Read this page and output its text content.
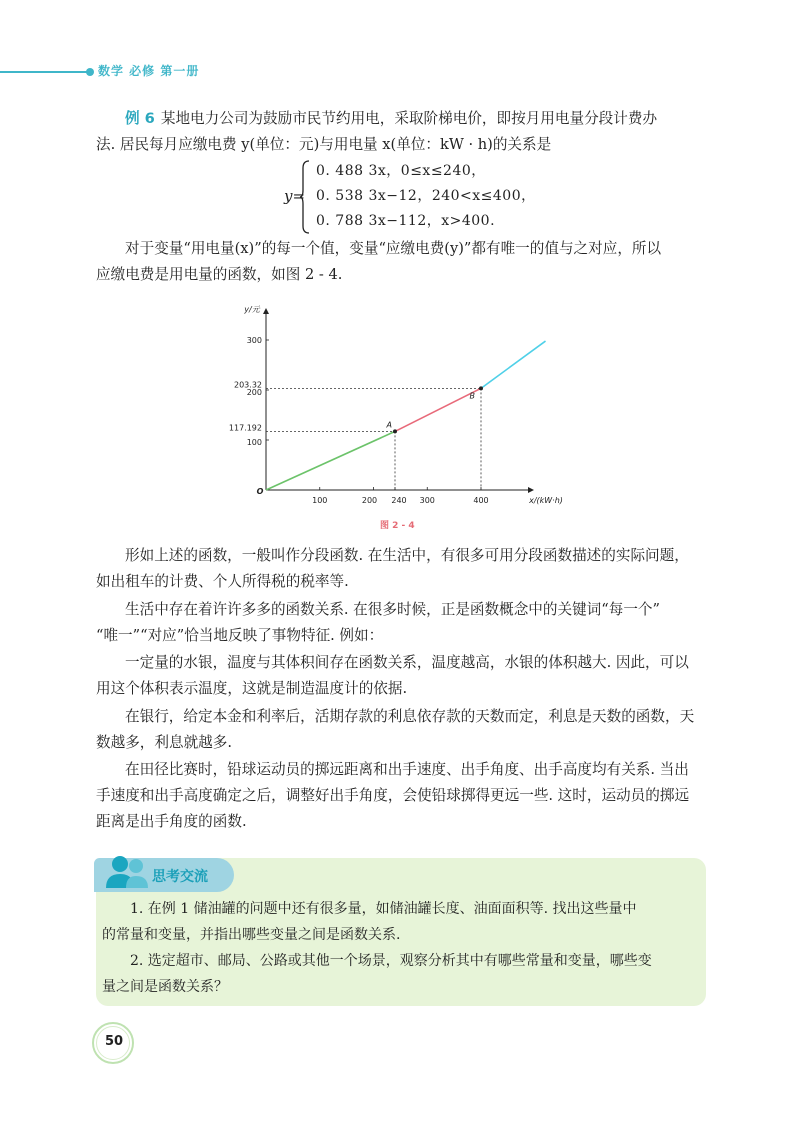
数学 必修 第一册
例 6 某地电力公司为鼓励市民节约用电，采取阶梯电价，即按月用电量分段计费办
法. 居民每月应缴电费 y(单位：元)与用电量 x(单位：kW · h)的关系是
y=
0. 488 3x，0≤x≤240，
0. 538 3x−12，240<x≤400，
0. 788 3x−112，x>400.
对于变量“用电量(x)”的每一个值，变量“应缴电费(y)”都有唯一的值与之对应，所以
应缴电费是用电量的函数，如图 2 - 4.
y/元
x/(kW·h)
O
100	200 240 300	400
100
200
300
117.192
203.32
A
B
图 2 - 4
形如上述的函数，一般叫作分段函数. 在生活中，有很多可用分段函数描述的实际问题，
如出租车的计费、个人所得税的税率等.
生活中存在着许许多多的函数关系. 在很多时候，正是函数概念中的关键词“每一个”
“唯一”“对应”恰当地反映了事物特征. 例如：
一定量的水银，温度与其体积间存在函数关系，温度越高，水银的体积越大. 因此，可以
用这个体积表示温度，这就是制造温度计的依据.
在银行，给定本金和利率后，活期存款的利息依存款的天数而定，利息是天数的函数，天
数越多，利息就越多.
在田径比赛时，铅球运动员的掷远距离和出手速度、出手角度、出手高度均有关系. 当出
手速度和出手高度确定之后，调整好出手角度，会使铅球掷得更远一些. 这时，运动员的掷远
距离是出手角度的函数.
思考交流
1. 在例 1 储油罐的问题中还有很多量，如储油罐长度、油面面积等. 找出这些量中
的常量和变量，并指出哪些变量之间是函数关系.
2. 选定超市、邮局、公路或其他一个场景，观察分析其中有哪些常量和变量，哪些变
量之间是函数关系？
50
